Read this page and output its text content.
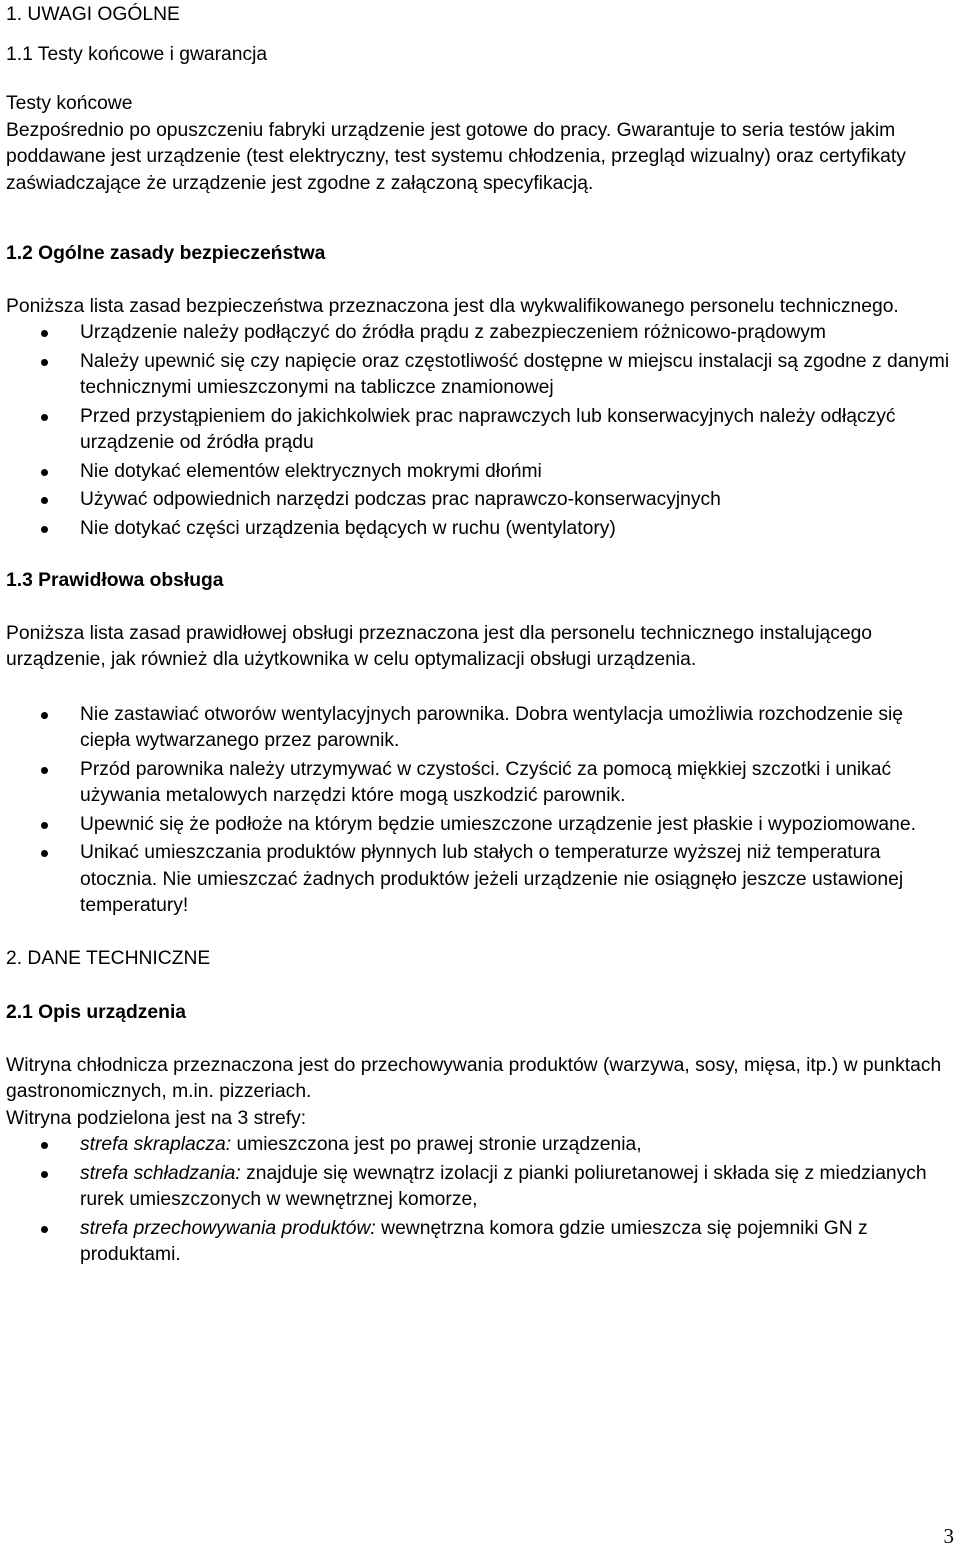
1. UWAGI OGÓLNE
1.1 Testy końcowe i gwarancja

Testy końcowe

Bezpośrednio po opuszczeniu fabryki urządzenie jest gotowe do pracy. Gwarantuje to seria testów jakim poddawane jest urządzenie (test elektryczny, test systemu chłodzenia, przegląd wizualny) oraz certyfikaty zaświadczające że urządzenie jest zgodne z załączoną specyfikacją.

1.2 Ogólne zasady bezpieczeństwa

Poniższa lista zasad bezpieczeństwa przeznaczona jest dla wykwalifikowanego personelu technicznego.

Urządzenie należy podłączyć do źródła prądu z zabezpieczeniem różnicowo-prądowym
Należy upewnić się czy napięcie oraz częstotliwość dostępne w miejscu instalacji są zgodne z danymi technicznymi umieszczonymi na tabliczce znamionowej
Przed przystąpieniem do jakichkolwiek prac naprawczych lub konserwacyjnych należy odłączyć urządzenie od źródła prądu
Nie dotykać elementów elektrycznych mokrymi dłońmi
Używać odpowiednich narzędzi podczas prac naprawczo-konserwacyjnych
Nie dotykać części urządzenia będących w ruchu (wentylatory)
1.3 Prawidłowa obsługa

Poniższa lista zasad prawidłowej obsługi przeznaczona jest dla personelu technicznego instalującego urządzenie, jak również dla użytkownika w celu optymalizacji obsługi urządzenia.

Nie zastawiać otworów wentylacyjnych parownika. Dobra wentylacja umożliwia rozchodzenie się ciepła wytwarzanego przez parownik.
Przód parownika należy utrzymywać w czystości. Czyścić za pomocą miękkiej szczotki i unikać używania metalowych narzędzi które mogą uszkodzić parownik.
Upewnić się że podłoże na którym będzie umieszczone urządzenie jest płaskie i wypoziomowane.
Unikać umieszczania produktów płynnych lub stałych o temperaturze wyższej niż temperatura otocznia. Nie umieszczać żadnych produktów jeżeli urządzenie nie osiągnęło jeszcze ustawionej temperatury!
2. DANE TECHNICZNE
2.1 Opis urządzenia

Witryna chłodnicza przeznaczona jest do przechowywania produktów (warzywa, sosy, mięsa, itp.) w punktach gastronomicznych, m.in. pizzeriach.

Witryna podzielona jest na 3 strefy:

strefa skraplacza: umieszczona jest po prawej stronie urządzenia,
strefa schładzania: znajduje się wewnątrz izolacji z pianki poliuretanowej i składa się z miedzianych rurek umieszczonych w wewnętrznej komorze,
strefa przechowywania produktów: wewnętrzna komora gdzie umieszcza się pojemniki GN z produktami.
3
